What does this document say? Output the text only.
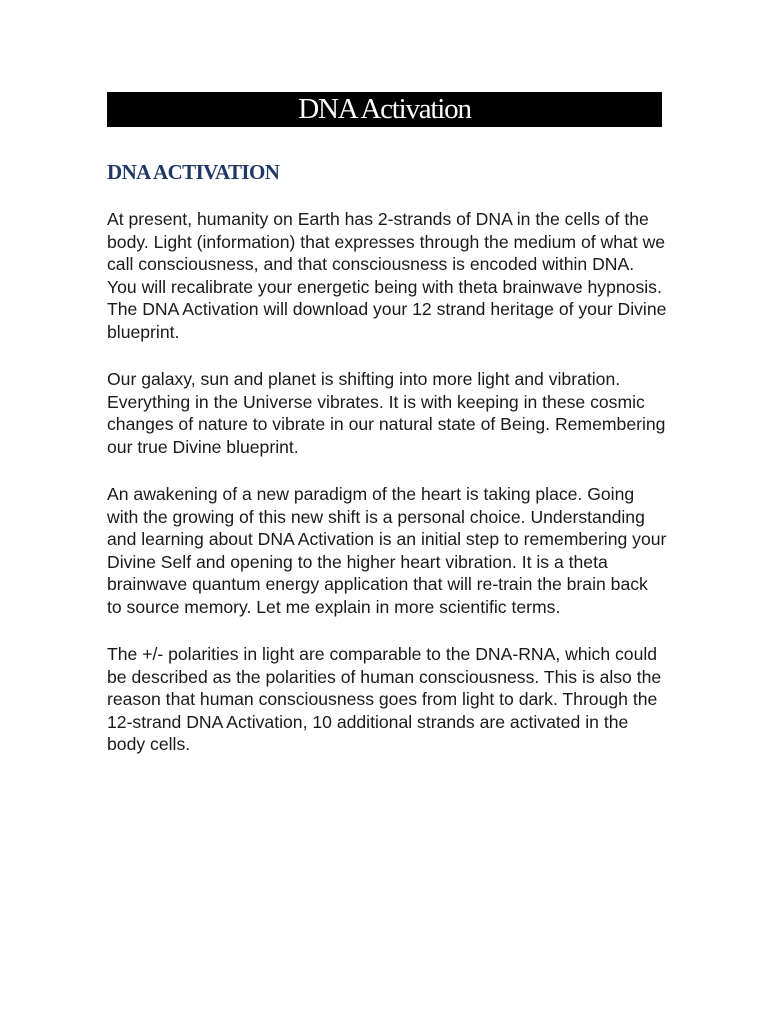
DNA Activation
DNA ACTIVATION

At present, humanity on Earth has 2-strands of DNA in the cells of the body. Light (information) that expresses through the medium of what we call consciousness, and that consciousness is encoded within DNA. You will recalibrate your energetic being with theta brainwave hypnosis. The DNA Activation will download your 12 strand heritage of your Divine blueprint.

Our galaxy, sun and planet is shifting into more light and vibration. Everything in the Universe vibrates. It is with keeping in these cosmic changes of nature to vibrate in our natural state of Being. Remembering our true Divine blueprint.

An awakening of a new paradigm of the heart is taking place. Going with the growing of this new shift is a personal choice. Understanding and learning about DNA Activation is an initial step to remembering your Divine Self and opening to the higher heart vibration. It is a theta brainwave quantum energy application that will re-train the brain back to source memory. Let me explain in more scientific terms.

The +/- polarities in light are comparable to the DNA-RNA, which could be described as the polarities of human consciousness. This is also the reason that human consciousness goes from light to dark. Through the 12-strand DNA Activation, 10 additional strands are activated in the body cells.
